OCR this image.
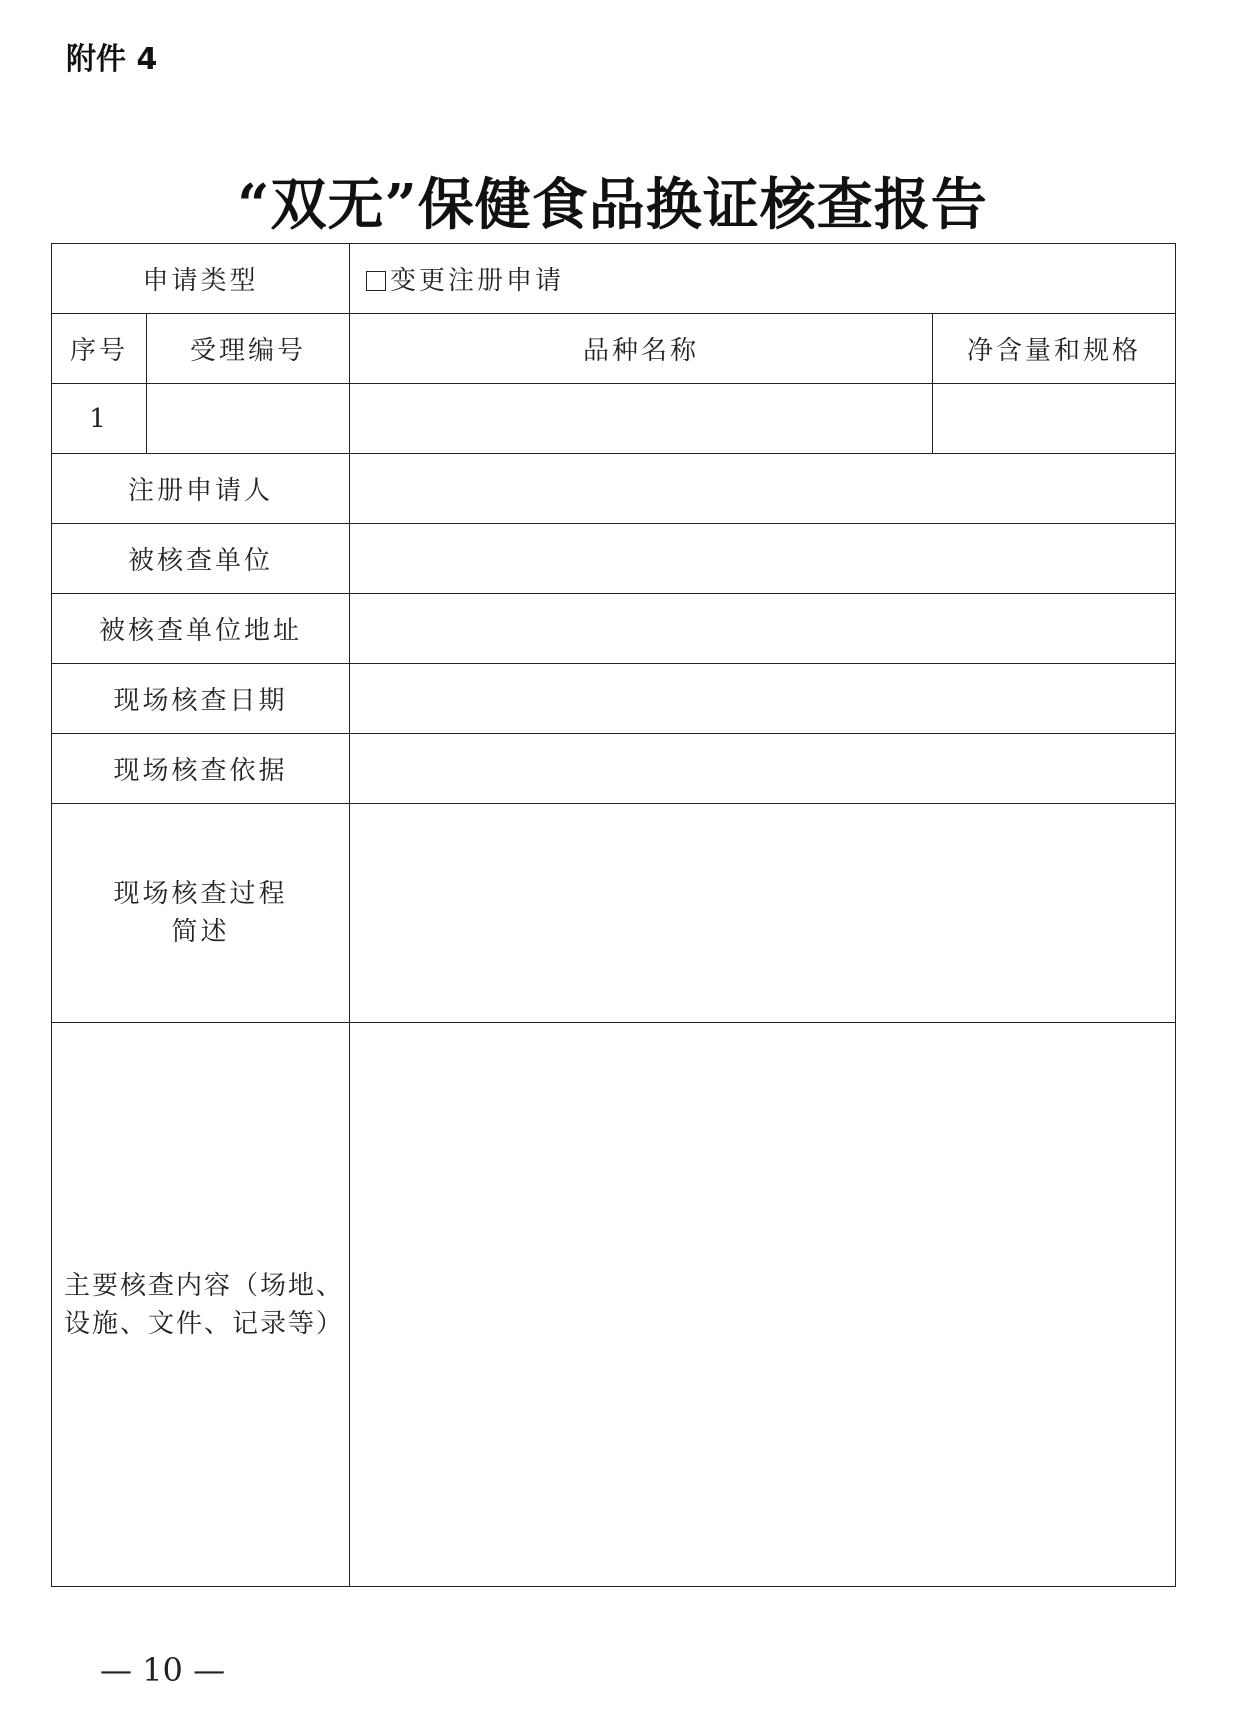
附件 4
“双无”保健食品换证核查报告
申请类型		变更注册申请	
序号	受理编号	品种名称	净含量和规格
1			
注册申请人			
被核查单位			
被核查单位地址			
现场核查日期			
现场核查依据			

现场核查过程
简述			

主要核查内容（场地、
设施、文件、记录等）			

— 10 —
